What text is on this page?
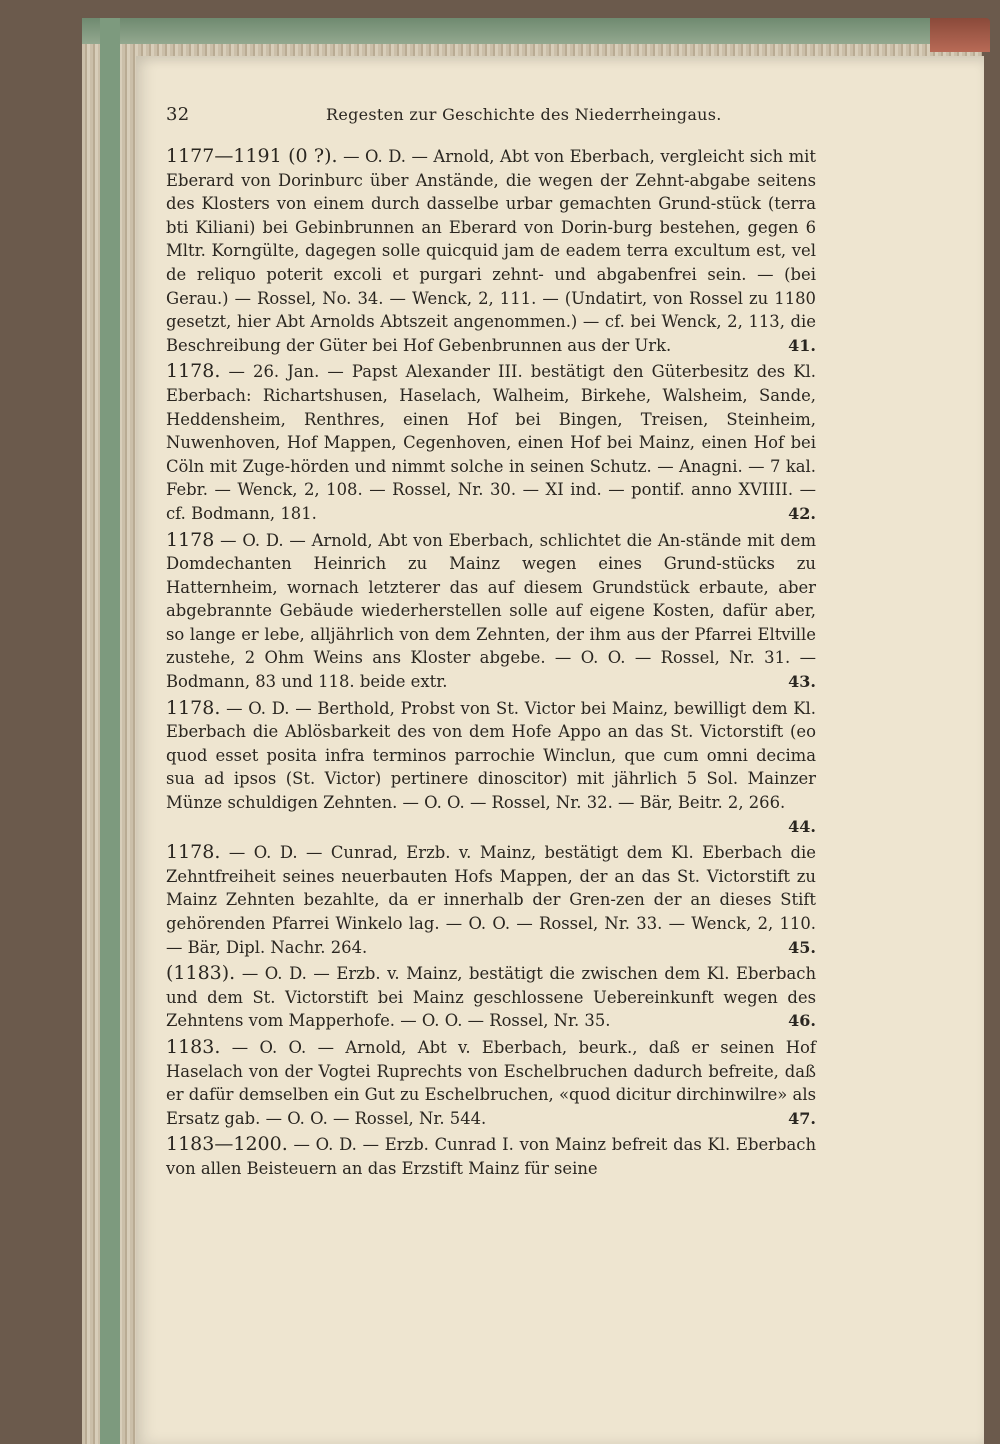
32	Regesten zur Geschichte des Niederrheingaus.
1177—1191 (0 ?). — O. D. — Arnold, Abt von Eberbach, vergleicht sich mit Eberard von Dorinburc über Anstände, die wegen der Zehnt-abgabe seitens des Klosters von einem durch dasselbe urbar gemachten Grund-stück (terra bti Kiliani) bei Gebinbrunnen an Eberard von Dorin-burg bestehen, gegen 6 Mltr. Korngülte, dagegen solle quicquid jam de eadem terra excultum est, vel de reliquo poterit excoli et purgari zehnt- und abgabenfrei sein. — (bei Gerau.) — Rossel, No. 34. — Wenck, 2, 111. — (Undatirt, von Rossel zu 1180 gesetzt, hier Abt Arnolds Abtszeit angenommen.) — cf. bei Wenck, 2, 113, die Beschreibung der Güter bei Hof Gebenbrunnen aus der Urk.	41.
1178. — 26. Jan. — Papst Alexander III. bestätigt den Güterbesitz des Kl. Eberbach: Richartshusen, Haselach, Walheim, Birkehe, Walsheim, Sande, Heddensheim, Renthres, einen Hof bei Bingen, Treisen, Steinheim, Nuwenhoven, Hof Mappen, Cegenhoven, einen Hof bei Mainz, einen Hof bei Cöln mit Zuge-hörden und nimmt solche in seinen Schutz. — Anagni. — 7 kal. Febr. — Wenck, 2, 108. — Rossel, Nr. 30. — XI ind. — pontif. anno XVIIII. — cf. Bodmann, 181.	42.
1178 — O. D. — Arnold, Abt von Eberbach, schlichtet die An-stände mit dem Domdechanten Heinrich zu Mainz wegen eines Grund-stücks zu Hatternheim, wornach letzterer das auf diesem Grundstück erbaute, aber abgebrannte Gebäude wiederherstellen solle auf eigene Kosten, dafür aber, so lange er lebe, alljährlich von dem Zehnten, der ihm aus der Pfarrei Eltville zustehe, 2 Ohm Weins ans Kloster abgebe. — O. O. — Rossel, Nr. 31. — Bodmann, 83 und 118. beide extr.	43.
1178. — O. D. — Berthold, Probst von St. Victor bei Mainz, bewilligt dem Kl. Eberbach die Ablösbarkeit des von dem Hofe Appo an das St. Victorstift (eo quod esset posita infra terminos parrochie Winclun, que cum omni decima sua ad ipsos (St. Victor) pertinere dinoscitor) mit jährlich 5 Sol. Mainzer Münze schuldigen Zehnten. — O. O. — Rossel, Nr. 32. — Bär, Beitr. 2, 266.
44.
1178. — O. D. — Cunrad, Erzb. v. Mainz, bestätigt dem Kl. Eberbach die Zehntfreiheit seines neuerbauten Hofs Mappen, der an das St. Victorstift zu Mainz Zehnten bezahlte, da er innerhalb der Gren-zen der an dieses Stift gehörenden Pfarrei Winkelo lag. — O. O. — Rossel, Nr. 33. — Wenck, 2, 110. — Bär, Dipl. Nachr. 264.	45.
(1183). — O. D. — Erzb. v. Mainz, bestätigt die zwischen dem Kl. Eberbach und dem St. Victorstift bei Mainz geschlossene Uebereinkunft wegen des Zehntens vom Mapperhofe. — O. O. — Rossel, Nr. 35.	46.
1183. — O. O. — Arnold, Abt v. Eberbach, beurk., daß er seinen Hof Haselach von der Vogtei Ruprechts von Eschelbruchen dadurch befreite, daß er dafür demselben ein Gut zu Eschelbruchen, «quod dicitur dirchinwilre» als Ersatz gab. — O. O. — Rossel, Nr. 544.	47.
1183—1200. — O. D. — Erzb. Cunrad I. von Mainz befreit das Kl. Eberbach von allen Beisteuern an das Erzstift Mainz für seine
